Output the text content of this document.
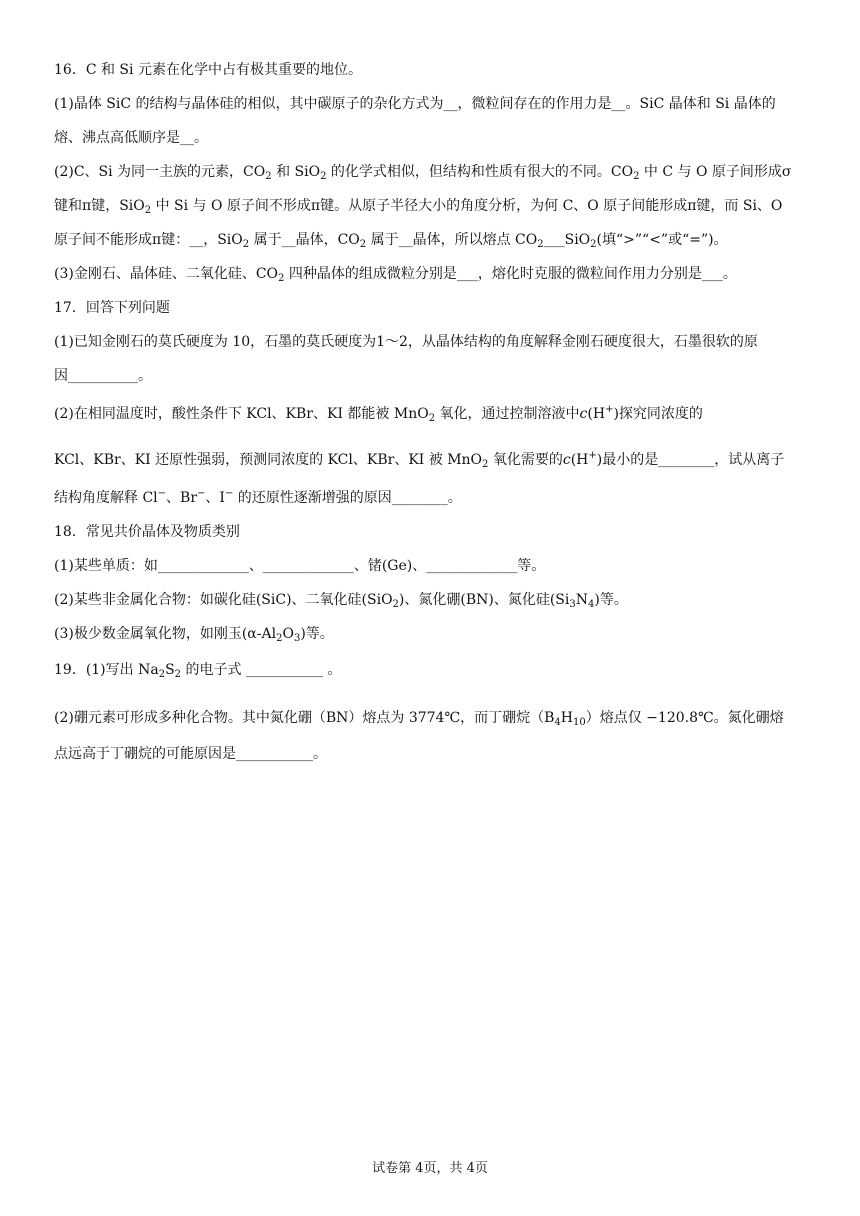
16．C 和 Si 元素在化学中占有极其重要的地位。
(1)晶体 SiC 的结构与晶体硅的相似，其中碳原子的杂化方式为__，微粒间存在的作用力是__。SiC 晶体和 Si 晶体的
熔、沸点高低顺序是__。
(2)C、Si 为同一主族的元素，$CO_2$ 和 SiO$_2$ 的化学式相似，但结构和性质有很大的不同。$CO_2$ 中 C 与 O 原子间形成σ
键和π键，SiO$_2$ 中 Si 与 O 原子间不形成π键。从原子半径大小的角度分析，为何 C、O 原子间能形成π键，而 Si、O
原子间不能形成π键：__，SiO$_2$ 属于__晶体，$CO_2$ 属于__晶体，所以熔点 $CO_2\_\_\_SiO_2$(填“>”“<”或“=”)。
(3)金刚石、晶体硅、二氧化硅、$CO_2$ 四种晶体的组成微粒分别是___，熔化时克服的微粒间作用力分别是___。
17．回答下列问题
(1)已知金刚石的莫氏硬度为 10，石墨的莫氏硬度为1～2，从晶体结构的角度解释金刚石硬度很大，石墨很软的原
因__________。
(2)在相同温度时，酸性条件下 KCl、KBr、KI 都能被 MnO$_2$ 氧化，通过控制溶液中c(H+)探究同浓度的
KCl、KBr、KI 还原性强弱，预测同浓度的 KCl、KBr、KI 被 MnO$_2$ 氧化需要的c(H+)最小的是________，试从离子
结构角度解释 Cl−、Br−、I− 的还原性逐渐增强的原因________。
18．常见共价晶体及物质类别
(1)某些单质：如_____________、_____________、锗(Ge)、_____________等。
(2)某些非金属化合物：如碳化硅(SiC)、二氧化硅(SiO$_2$)、氮化硼(BN)、氮化硅$(Si_3N_4)$等。
(3)极少数金属氧化物，如刚玉$(\alpha-Al_2O_3)$等。
19．(1)写出 $Na_2S_2$ 的电子式 ___________ 。
(2)硼元素可形成多种化合物。其中氮化硼（BN）熔点为 3774℃，而丁硼烷$(B_4H_{10})$熔点仅 −120.8℃。氮化硼熔
点远高于丁硼烷的可能原因是___________。
试卷第 4页，共 4页
